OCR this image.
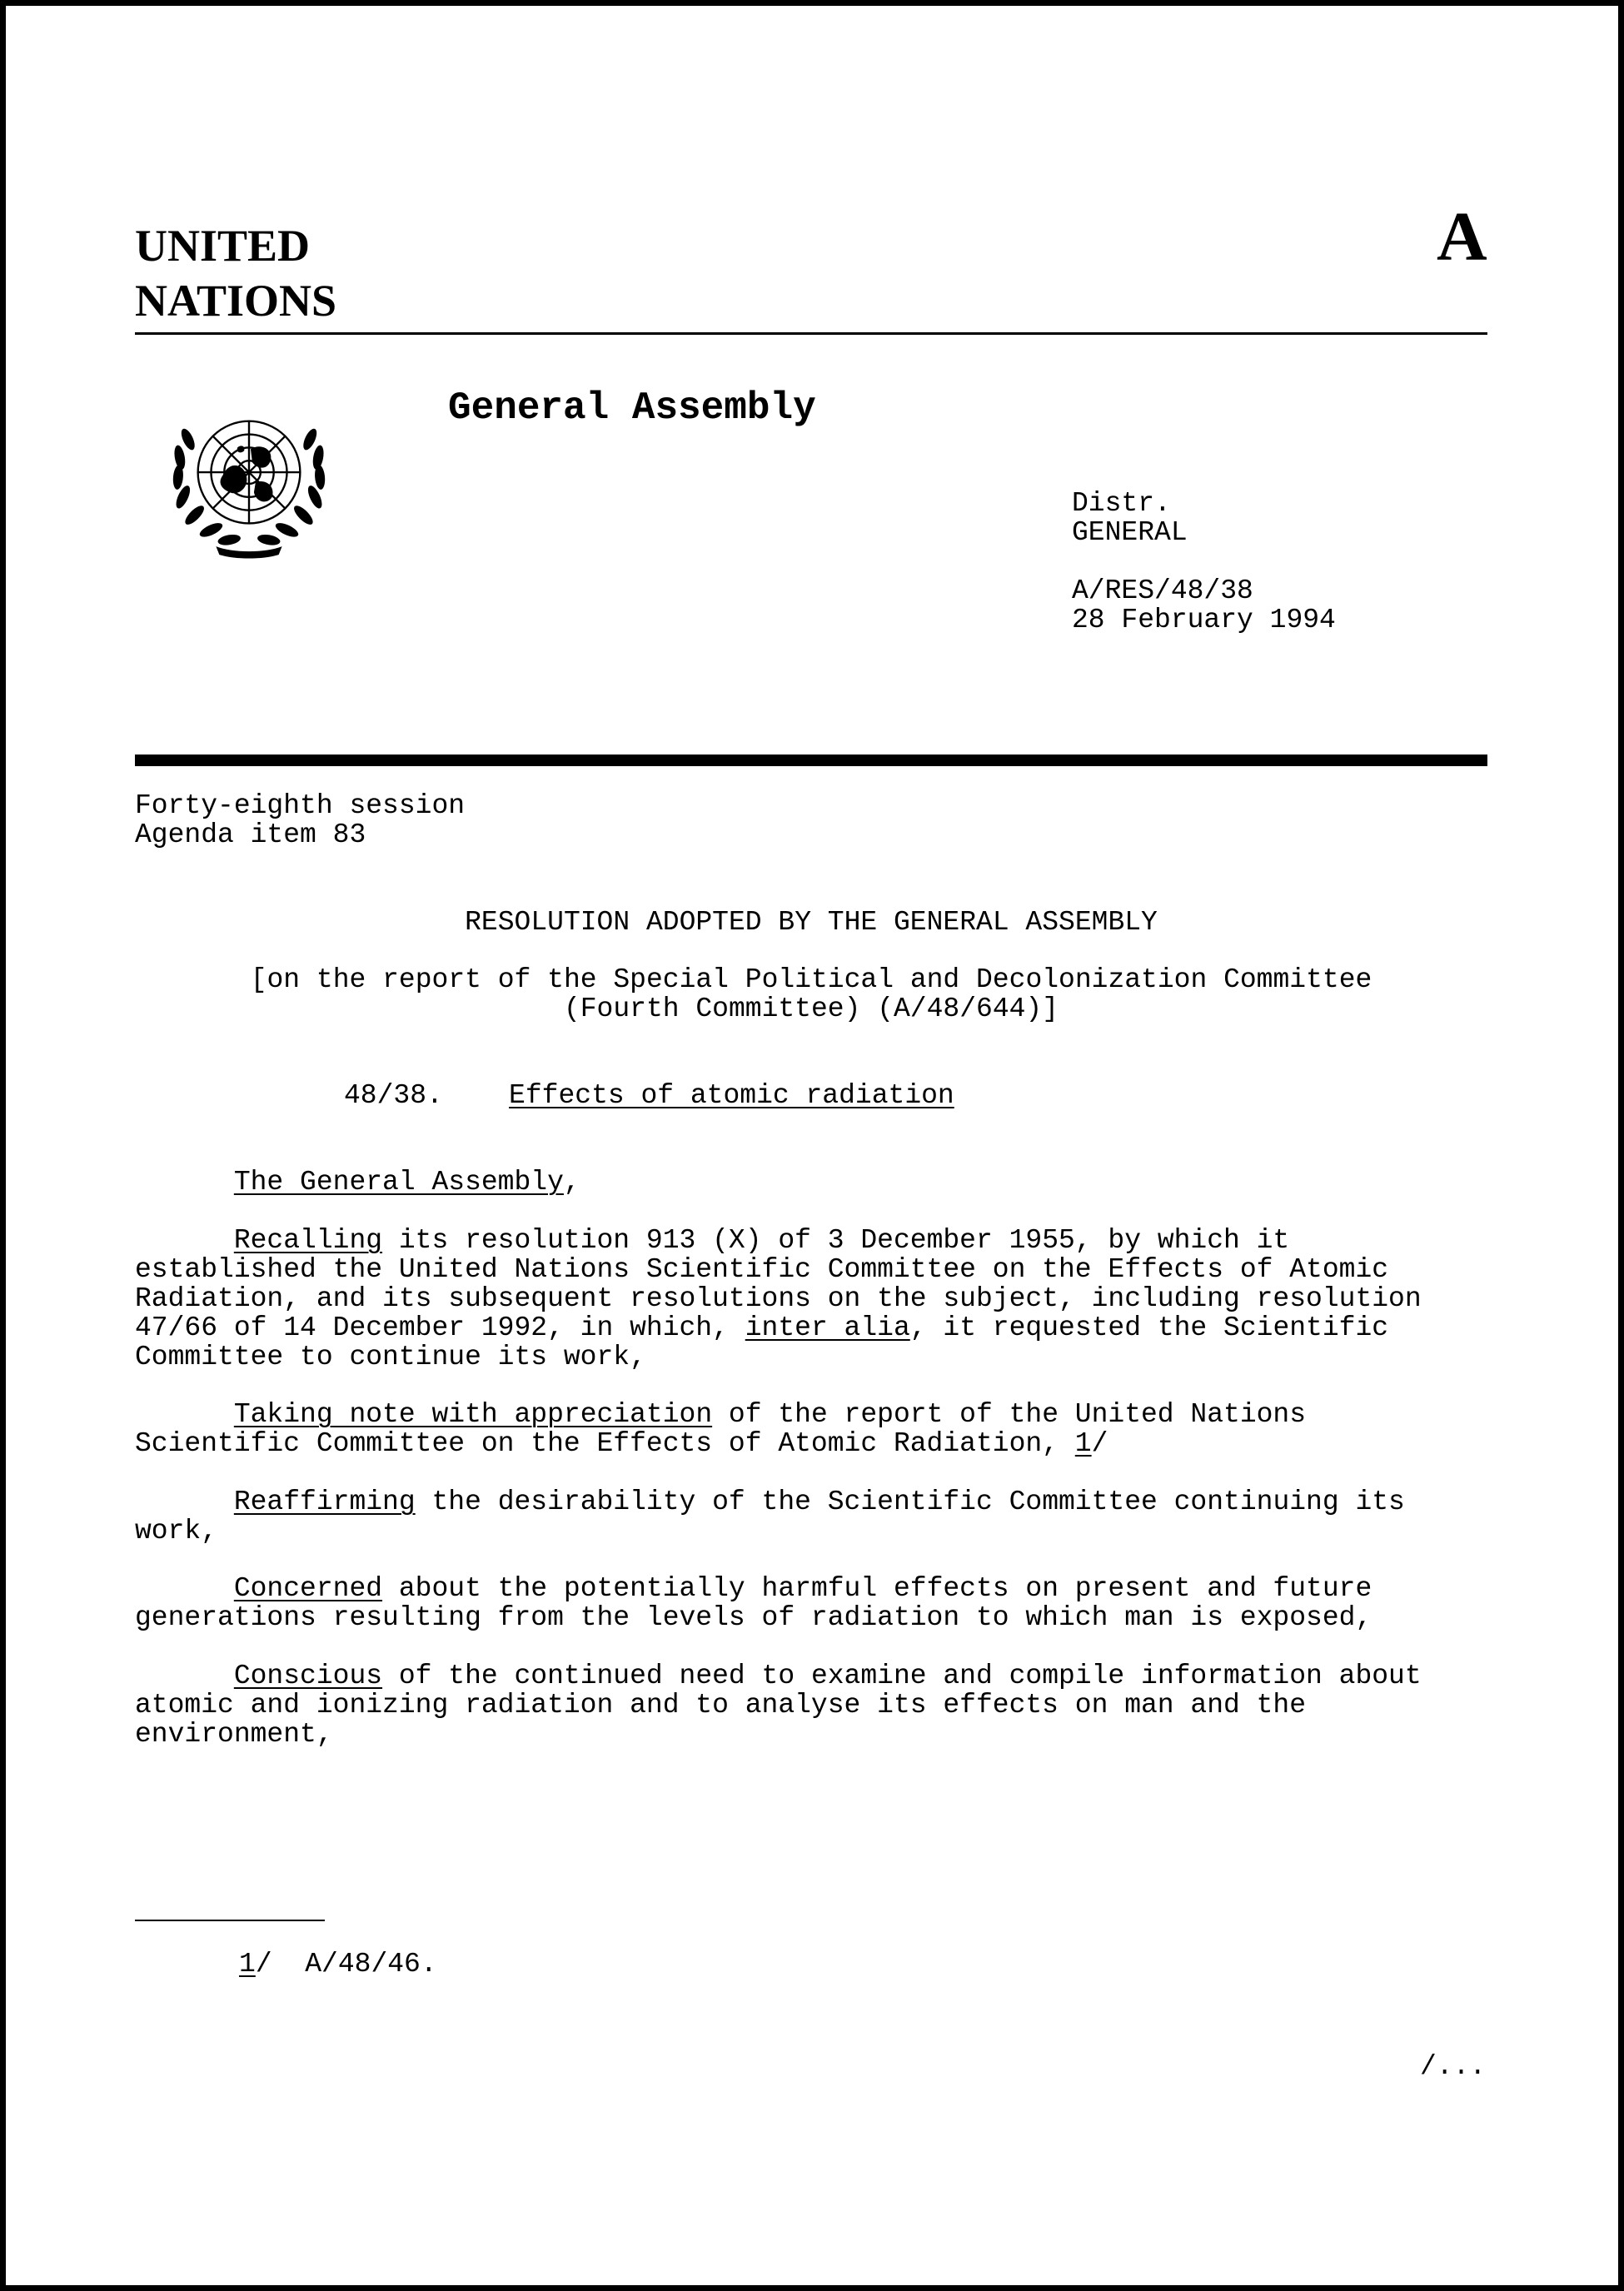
UNITED
NATIONS
A
General Assembly
Distr.
GENERAL
A/RES/48/38
28 February 1994
Forty-eighth session
Agenda item 83
RESOLUTION ADOPTED BY THE GENERAL ASSEMBLY
[on the report of the Special Political and Decolonization Committee
(Fourth Committee) (A/48/644)]
48/38. Effects of atomic radiation
The General Assembly,
Recalling its resolution 913 (X) of 3 December 1955, by which it
established the United Nations Scientific Committee on the Effects of Atomic
Radiation, and its subsequent resolutions on the subject, including resolution
47/66 of 14 December 1992, in which, inter alia, it requested the Scientific
Committee to continue its work,
Taking note with appreciation of the report of the United Nations
Scientific Committee on the Effects of Atomic Radiation, 1/
Reaffirming the desirability of the Scientific Committee continuing its
work,
Concerned about the potentially harmful effects on present and future
generations resulting from the levels of radiation to which man is exposed,
Conscious of the continued need to examine and compile information about
atomic and ionizing radiation and to analyse its effects on man and the
environment,
1/  A/48/46.
/...
